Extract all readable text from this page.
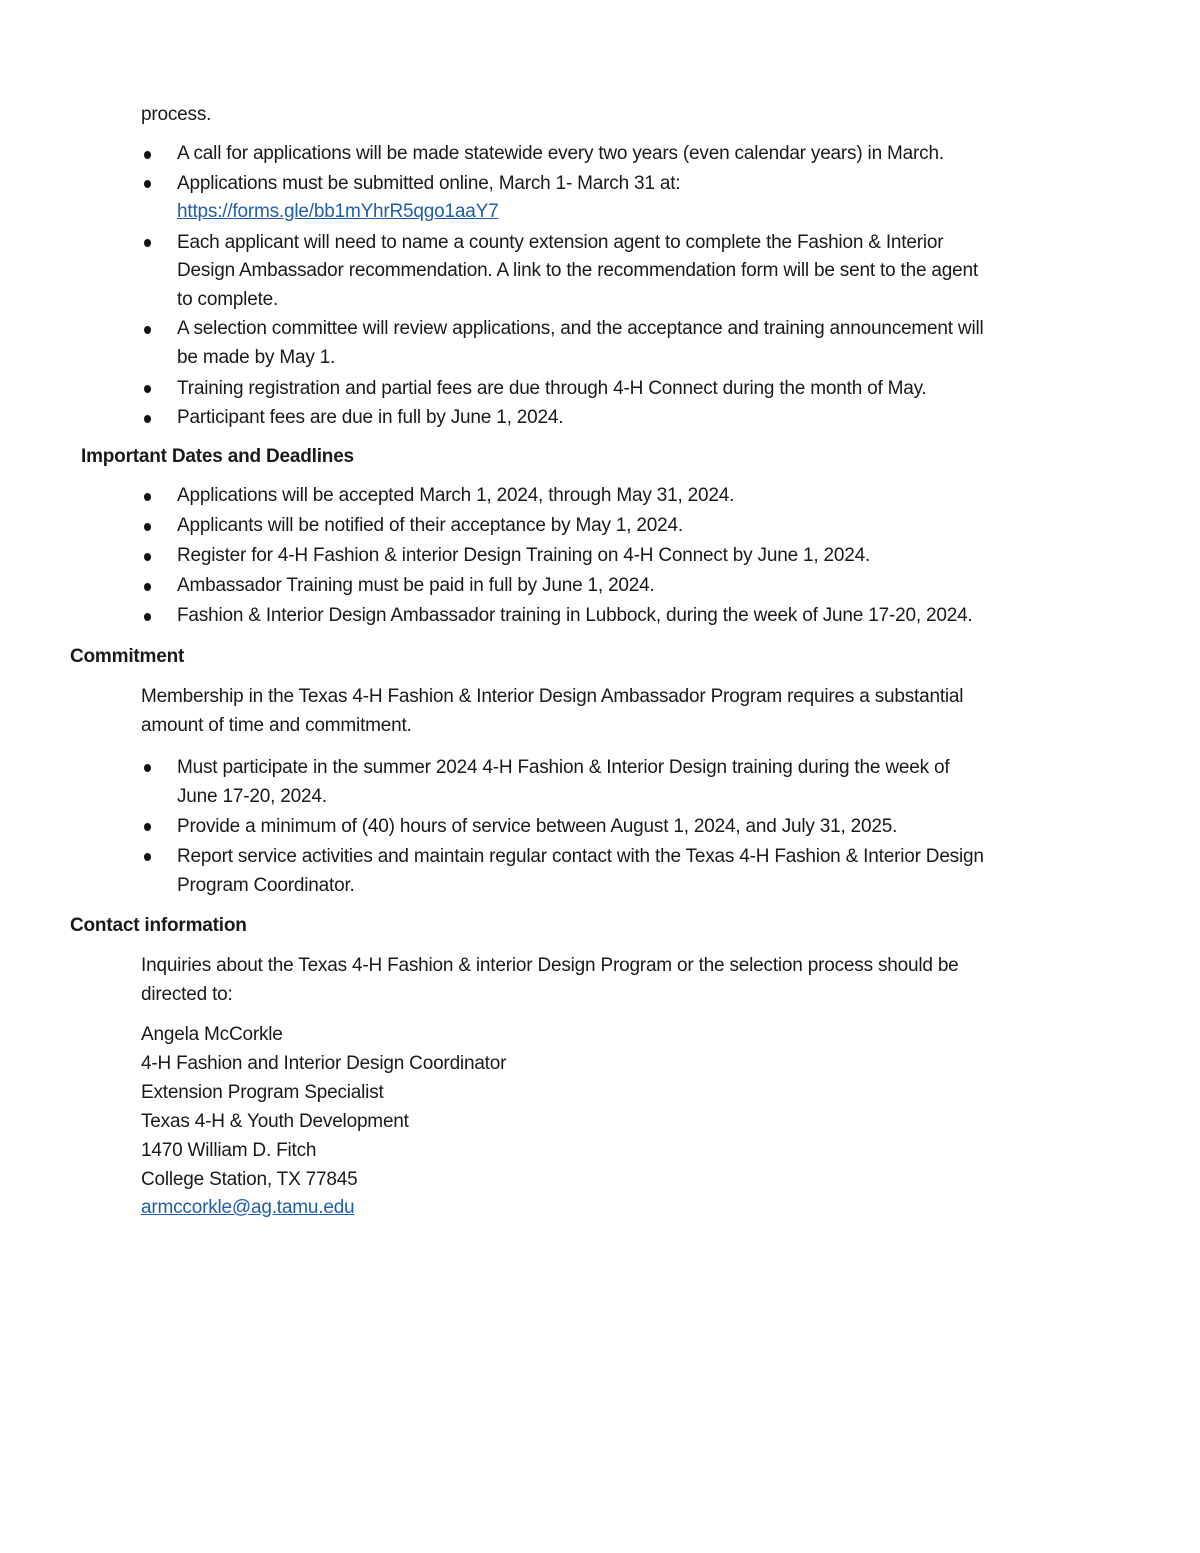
process.
A call for applications will be made statewide every two years (even calendar years) in March.
Applications must be submitted online, March 1- March 31 at:
https://forms.gle/bb1mYhrR5qgo1aaY7
Each applicant will need to name a county extension agent to complete the Fashion & Interior
Design Ambassador recommendation. A link to the recommendation form will be sent to the agent
to complete.
A selection committee will review applications, and the acceptance and training announcement will
be made by May 1.
Training registration and partial fees are due through 4-H Connect during the month of May.
Participant fees are due in full by June 1, 2024.
Important Dates and Deadlines
Applications will be accepted March 1, 2024, through May 31, 2024.
Applicants will be notified of their acceptance by May 1, 2024.
Register for 4-H Fashion & interior Design Training on 4-H Connect by June 1, 2024.
Ambassador Training must be paid in full by June 1, 2024.
Fashion & Interior Design Ambassador training in Lubbock, during the week of June 17-20, 2024.
Commitment
Membership in the Texas 4-H Fashion & Interior Design Ambassador Program requires a substantial
amount of time and commitment.
Must participate in the summer 2024 4-H Fashion & Interior Design training during the week of
June 17-20, 2024.
Provide a minimum of (40) hours of service between August 1, 2024, and July 31, 2025.
Report service activities and maintain regular contact with the Texas 4-H Fashion & Interior Design
Program Coordinator.
Contact information
Inquiries about the Texas 4-H Fashion & interior Design Program or the selection process should be
directed to:
Angela McCorkle
4-H Fashion and Interior Design Coordinator
Extension Program Specialist
Texas 4-H & Youth Development
1470 William D. Fitch
College Station, TX 77845
armccorkle@ag.tamu.edu
